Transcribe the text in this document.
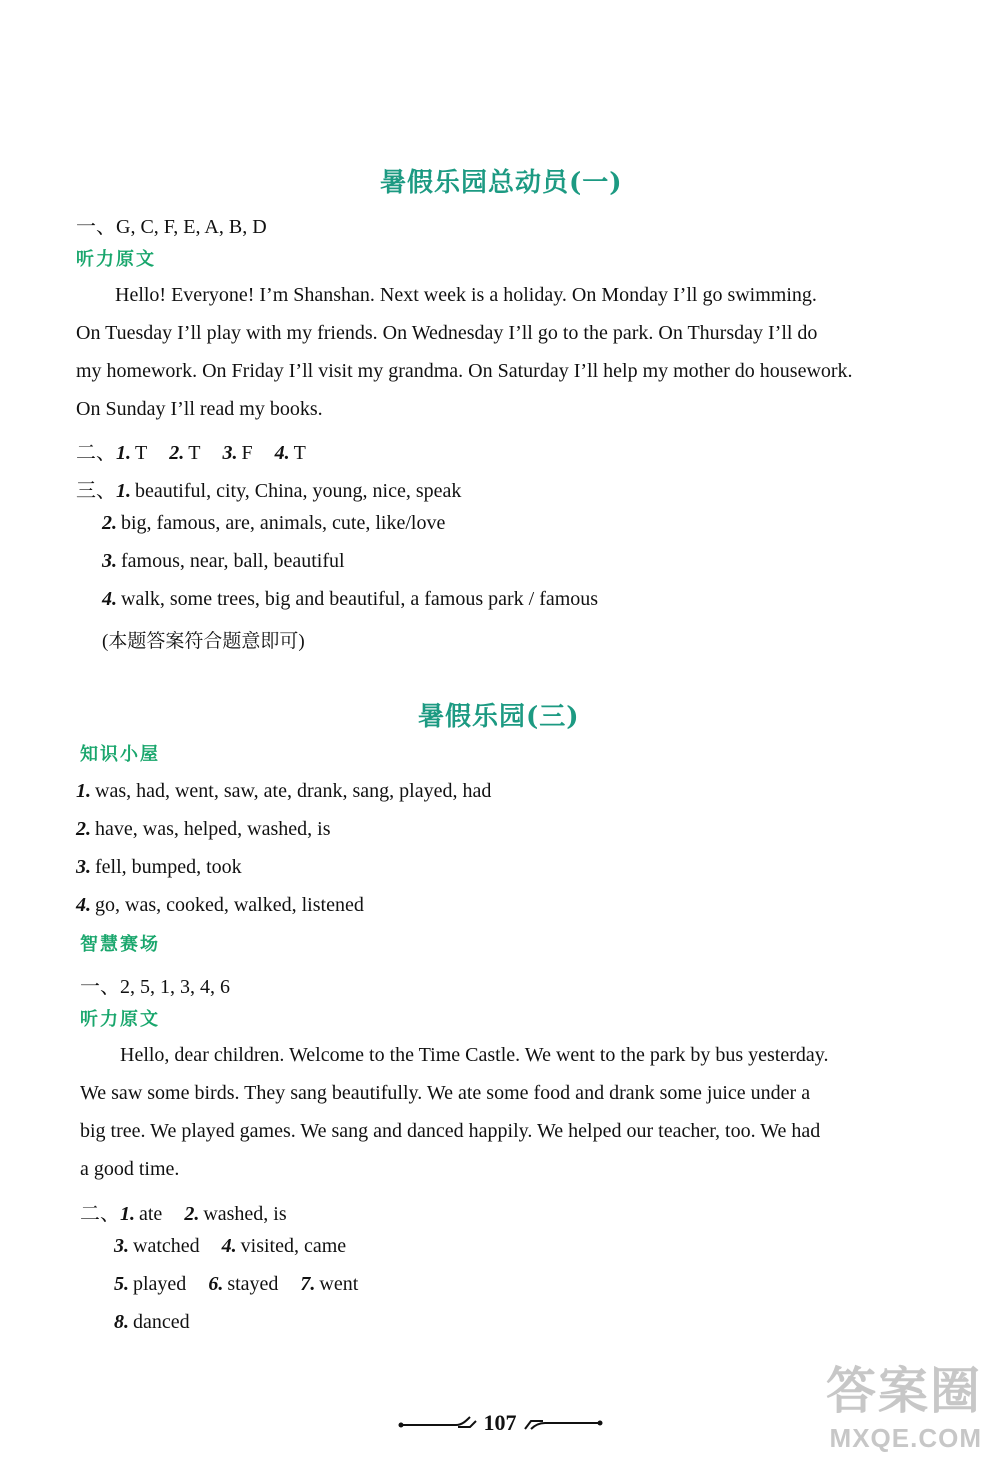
暑假乐园总动员(一)
一、G, C, F, E, A, B, D
听力原文
Hello! Everyone! I’m Shanshan. Next week is a holiday. On Monday I’ll go swimming.
On Tuesday I’ll play with my friends. On Wednesday I’ll go to the park. On Thursday I’ll do
my homework. On Friday I’ll visit my grandma. On Saturday I’ll help my mother do housework.
On Sunday I’ll read my books.
二、1. T 2. T 3. F 4. T
三、1. beautiful, city, China, young, nice, speak
2. big, famous, are, animals, cute, like/love
3. famous, near, ball, beautiful
4. walk, some trees, big and beautiful, a famous park / famous
(本题答案符合题意即可)
暑假乐园(三)
知识小屋
1. was, had, went, saw, ate, drank, sang, played, had
2. have, was, helped, washed, is
3. fell, bumped, took
4. go, was, cooked, walked, listened
智慧赛场
一、2, 5, 1, 3, 4, 6
听力原文
Hello, dear children. Welcome to the Time Castle. We went to the park by bus yesterday.
We saw some birds. They sang beautifully. We ate some food and drank some juice under a
big tree. We played games. We sang and danced happily. We helped our teacher, too. We had
a good time.
二、1. ate 2. washed, is
3. watched 4. visited, came
5. played 6. stayed 7. went
8. danced
107
答案圈
MXQE.COM
